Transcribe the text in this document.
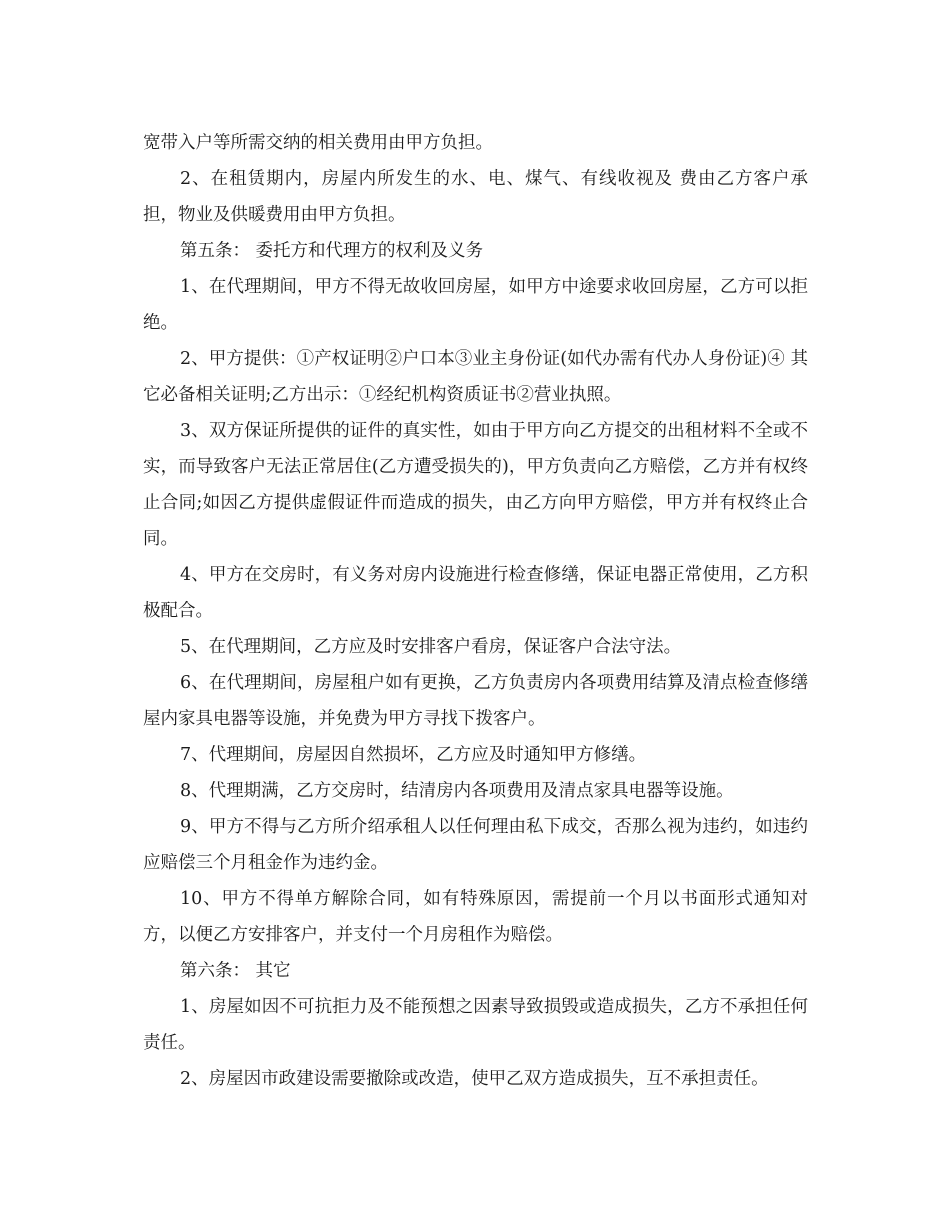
宽带入户等所需交纳的相关费用由甲方负担。

2、在租赁期内，房屋内所发生的水、电、煤气、有线收视及 费由乙方客户承担，物业及供暖费用由甲方负担。

第五条： 委托方和代理方的权利及义务

1、在代理期间，甲方不得无故收回房屋，如甲方中途要求收回房屋，乙方可以拒绝。

2、甲方提供：①产权证明②户口本③业主身份证(如代办需有代办人身份证)④ 其它必备相关证明;乙方出示：①经纪机构资质证书②营业执照。

3、双方保证所提供的证件的真实性，如由于甲方向乙方提交的出租材料不全或不实，而导致客户无法正常居住(乙方遭受损失的)，甲方负责向乙方赔偿，乙方并有权终止合同;如因乙方提供虚假证件而造成的损失，由乙方向甲方赔偿，甲方并有权终止合同。

4、甲方在交房时，有义务对房内设施进行检查修缮，保证电器正常使用，乙方积极配合。

5、在代理期间，乙方应及时安排客户看房，保证客户合法守法。

6、在代理期间，房屋租户如有更换，乙方负责房内各项费用结算及清点检查修缮屋内家具电器等设施，并免费为甲方寻找下拨客户。

7、代理期间，房屋因自然损坏，乙方应及时通知甲方修缮。

8、代理期满，乙方交房时，结清房内各项费用及清点家具电器等设施。

9、甲方不得与乙方所介绍承租人以任何理由私下成交，否那么视为违约，如违约应赔偿三个月租金作为违约金。

10、甲方不得单方解除合同，如有特殊原因，需提前一个月以书面形式通知对方，以便乙方安排客户，并支付一个月房租作为赔偿。

第六条： 其它

1、房屋如因不可抗拒力及不能预想之因素导致损毁或造成损失，乙方不承担任何责任。

2、房屋因市政建设需要撤除或改造，使甲乙双方造成损失，互不承担责任。
